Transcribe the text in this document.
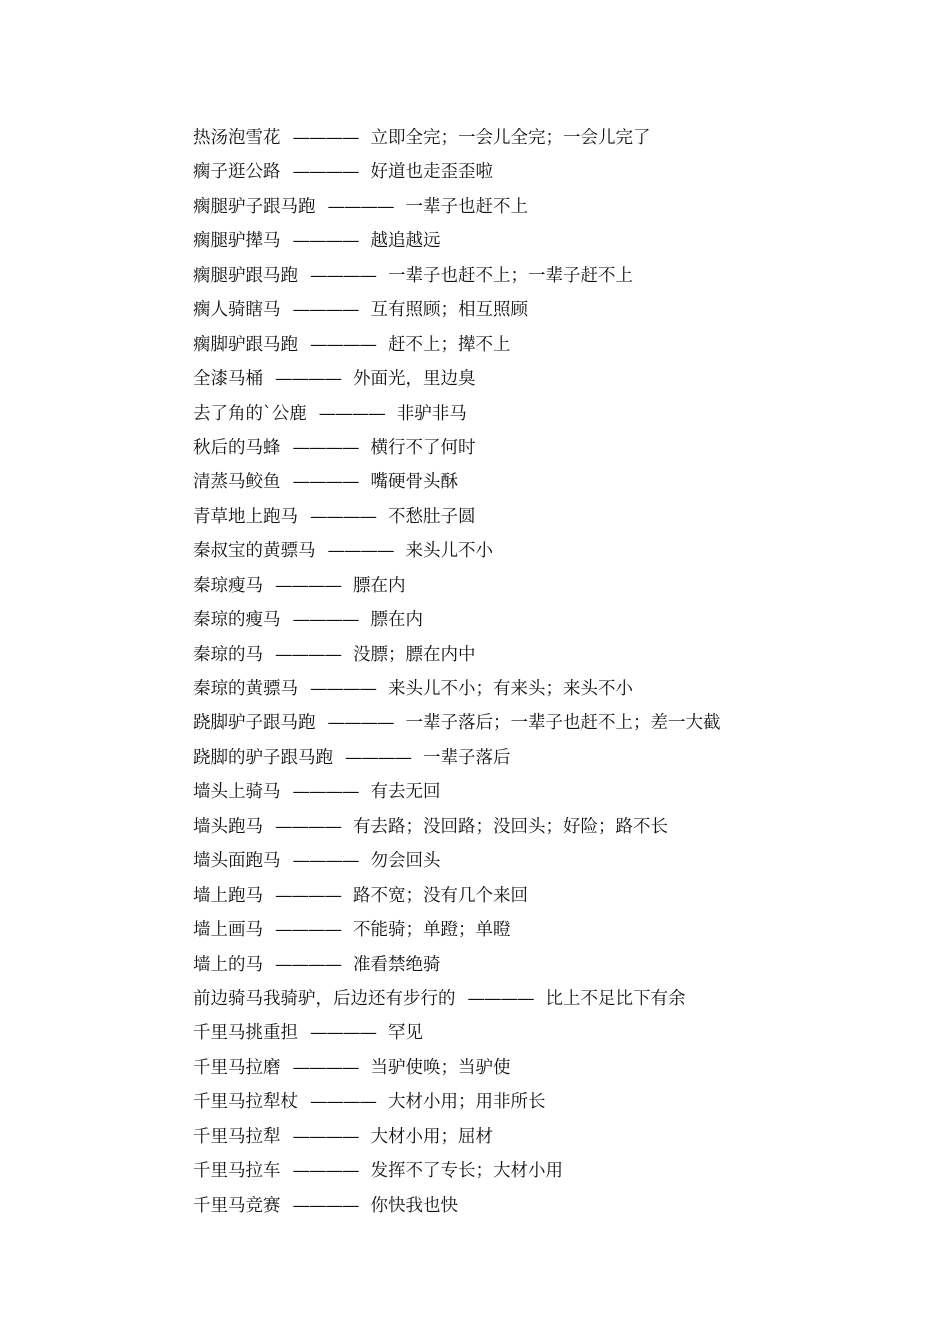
热汤泡雪花 ———— 立即全完；一会儿全完；一会儿完了
瘸子逛公路 ———— 好道也走歪歪啦
瘸腿驴子跟马跑 ———— 一辈子也赶不上
瘸腿驴撵马 ———— 越追越远
瘸腿驴跟马跑 ———— 一辈子也赶不上；一辈子赶不上
瘸人骑瞎马 ———— 互有照顾；相互照顾
瘸脚驴跟马跑 ———— 赶不上；撵不上
全漆马桶 ———— 外面光，里边臭
去了角的`公鹿 ———— 非驴非马
秋后的马蜂 ———— 横行不了何时
清蒸马鲛鱼 ———— 嘴硬骨头酥
青草地上跑马 ———— 不愁肚子圆
秦叔宝的黄骠马 ———— 来头儿不小
秦琼瘦马 ———— 膘在内
秦琼的瘦马 ———— 膘在内
秦琼的马 ———— 没膘；膘在内中
秦琼的黄骠马 ———— 来头儿不小；有来头；来头不小
跷脚驴子跟马跑 ———— 一辈子落后；一辈子也赶不上；差一大截
跷脚的驴子跟马跑 ———— 一辈子落后
墙头上骑马 ———— 有去无回
墙头跑马 ———— 有去路；没回路；没回头；好险；路不长
墙头面跑马 ———— 勿会回头
墙上跑马 ———— 路不宽；没有几个来回
墙上画马 ———— 不能骑；单蹬；单瞪
墙上的马 ———— 准看禁绝骑
前边骑马我骑驴，后边还有步行的 ———— 比上不足比下有余
千里马挑重担 ———— 罕见
千里马拉磨 ———— 当驴使唤；当驴使
千里马拉犁杖 ———— 大材小用；用非所长
千里马拉犁 ———— 大材小用；屈材
千里马拉车 ———— 发挥不了专长；大材小用
千里马竞赛 ———— 你快我也快
